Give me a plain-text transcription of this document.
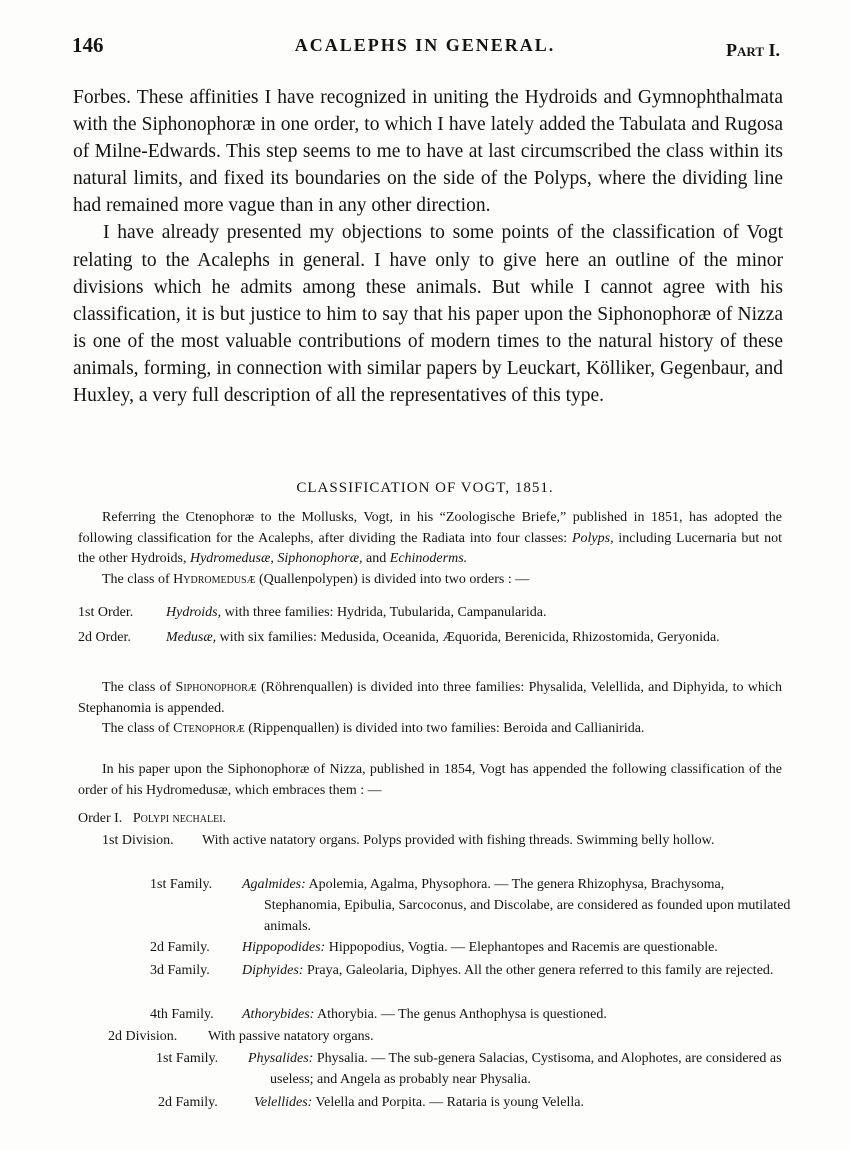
146	ACALEPHS IN GENERAL.	Part I.

Forbes. These affinities I have recognized in uniting the Hydroids and Gymnophthalmata with the Siphonophoræ in one order, to which I have lately added the Tabulata and Rugosa of Milne-Edwards. This step seems to me to have at last circumscribed the class within its natural limits, and fixed its boundaries on the side of the Polyps, where the dividing line had remained more vague than in any other direction.

I have already presented my objections to some points of the classification of Vogt relating to the Acalephs in general. I have only to give here an outline of the minor divisions which he admits among these animals. But while I cannot agree with his classification, it is but justice to him to say that his paper upon the Siphonophoræ of Nizza is one of the most valuable contributions of modern times to the natural history of these animals, forming, in connection with similar papers by Leuckart, Kölliker, Gegenbaur, and Huxley, a very full description of all the representatives of this type.

CLASSIFICATION OF VOGT, 1851.

Referring the Ctenophoræ to the Mollusks, Vogt, in his “Zoologische Briefe,” published in 1851, has adopted the following classification for the Acalephs, after dividing the Radiata into four classes: Polyps, including Lucernaria but not the other Hydroids, Hydromedusæ, Siphonophoræ, and Echinoderms.

The class of Hydromedusæ (Quallenpolypen) is divided into two orders : —

1st Order. Hydroids, with three families: Hydrida, Tubularida, Campanularida.
2d Order.	Medusæ, with six families: Medusida, Oceanida, Æquorida, Berenicida, Rhizostomida, Geryonida.

The class of Siphonophoræ (Röhrenquallen) is divided into three families: Physalida, Velellida, and Diphyida, to which Stephanomia is appended.

The class of Ctenophoræ (Rippenquallen) is divided into two families: Beroida and Callianirida.

In his paper upon the Siphonophoræ of Nizza, published in 1854, Vogt has appended the following classification of the order of his Hydromedusæ, which embraces them : —

Order I. Polypi nechalei.
1st Division. With active natatory organs. Polyps provided with fishing threads. Swimming belly hollow.
1st Family. Agalmides: Apolemia, Agalma, Physophora. — The genera Rhizophysa, Brachysoma, Stephanomia, Epibulia, Sarcoconus, and Discolabe, are considered as founded upon mutilated animals.
2d Family. Hippopodides: Hippopodius, Vogtia. — Elephantopes and Racemis are questionable.
3d Family. Diphyides: Praya, Galeolaria, Diphyes. All the other genera referred to this family are rejected.
4th Family. Athorybides: Athorybia. — The genus Anthophysa is questioned.
2d Division. With passive natatory organs.
1st Family. Physalides: Physalia. — The sub-genera Salacias, Cystisoma, and Alophotes, are considered as useless; and Angela as probably near Physalia.
2d Family.	Velellides: Velella and Porpita. — Rataria is young Velella.
